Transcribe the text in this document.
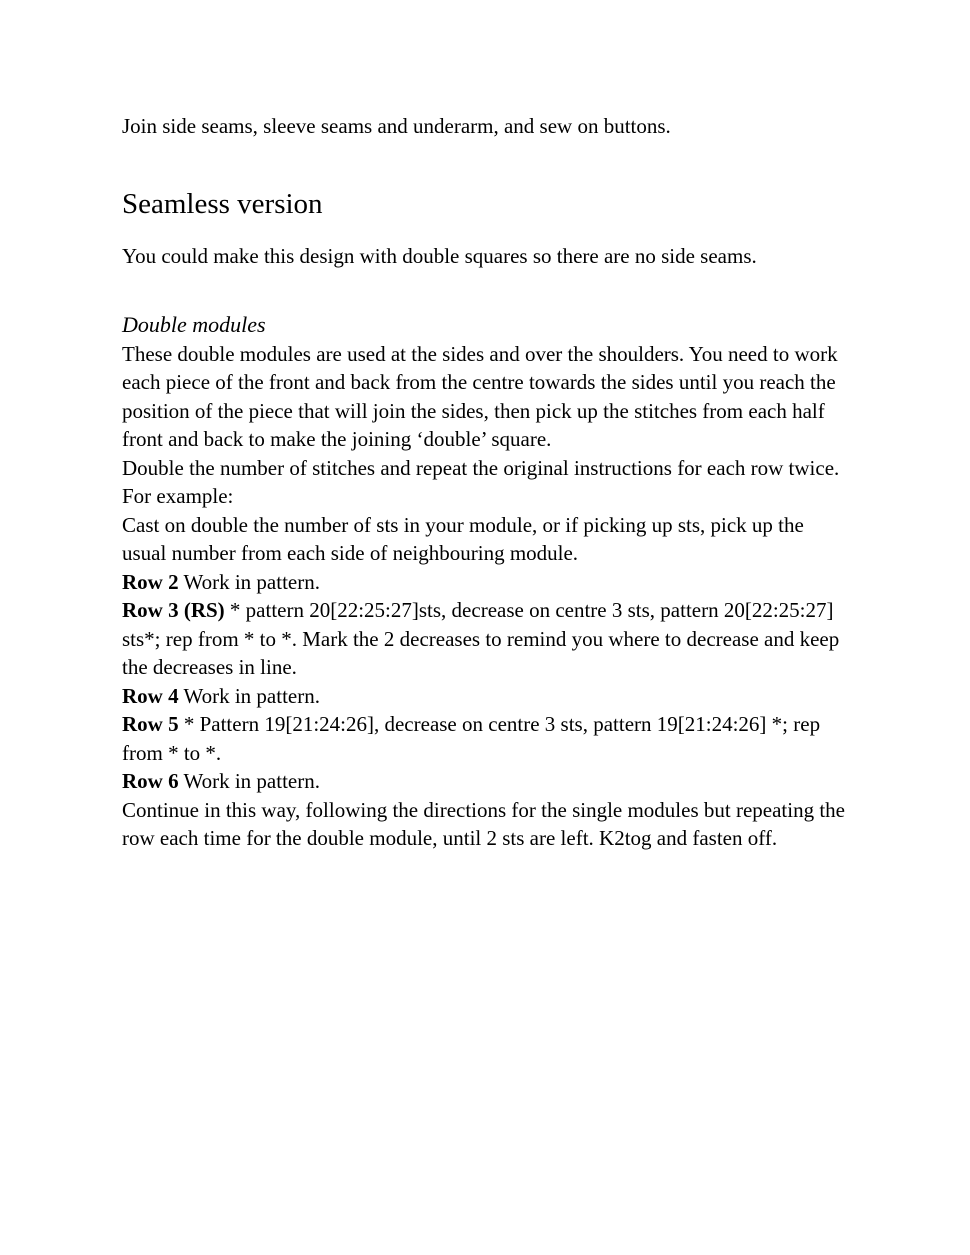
Join side seams, sleeve seams and underarm, and sew on buttons.

Seamless version

You could make this design with double squares so there are no side seams.

Double modules

These double modules are used at the sides and over the shoulders. You need to work each piece of the front and back from the centre towards the sides until you reach the position of the piece that will join the sides, then pick up the stitches from each half front and back to make the joining ‘double’ square.

Double the number of stitches and repeat the original instructions for each row twice. For example:

Cast on double the number of sts in your module, or if picking up sts, pick up the usual number from each side of neighbouring module.

Row 2 Work in pattern.

Row 3 (RS) * pattern 20[22:25:27]sts, decrease on centre 3 sts, pattern 20[22:25:27] sts*; rep from * to *. Mark the 2 decreases to remind you where to decrease and keep the decreases in line.

Row 4 Work in pattern.

Row 5 * Pattern 19[21:24:26], decrease on centre 3 sts, pattern 19[21:24:26] *; rep from * to *.

Row 6 Work in pattern.

Continue in this way, following the directions for the single modules but repeating the row each time for the double module, until 2 sts are left. K2tog and fasten off.
